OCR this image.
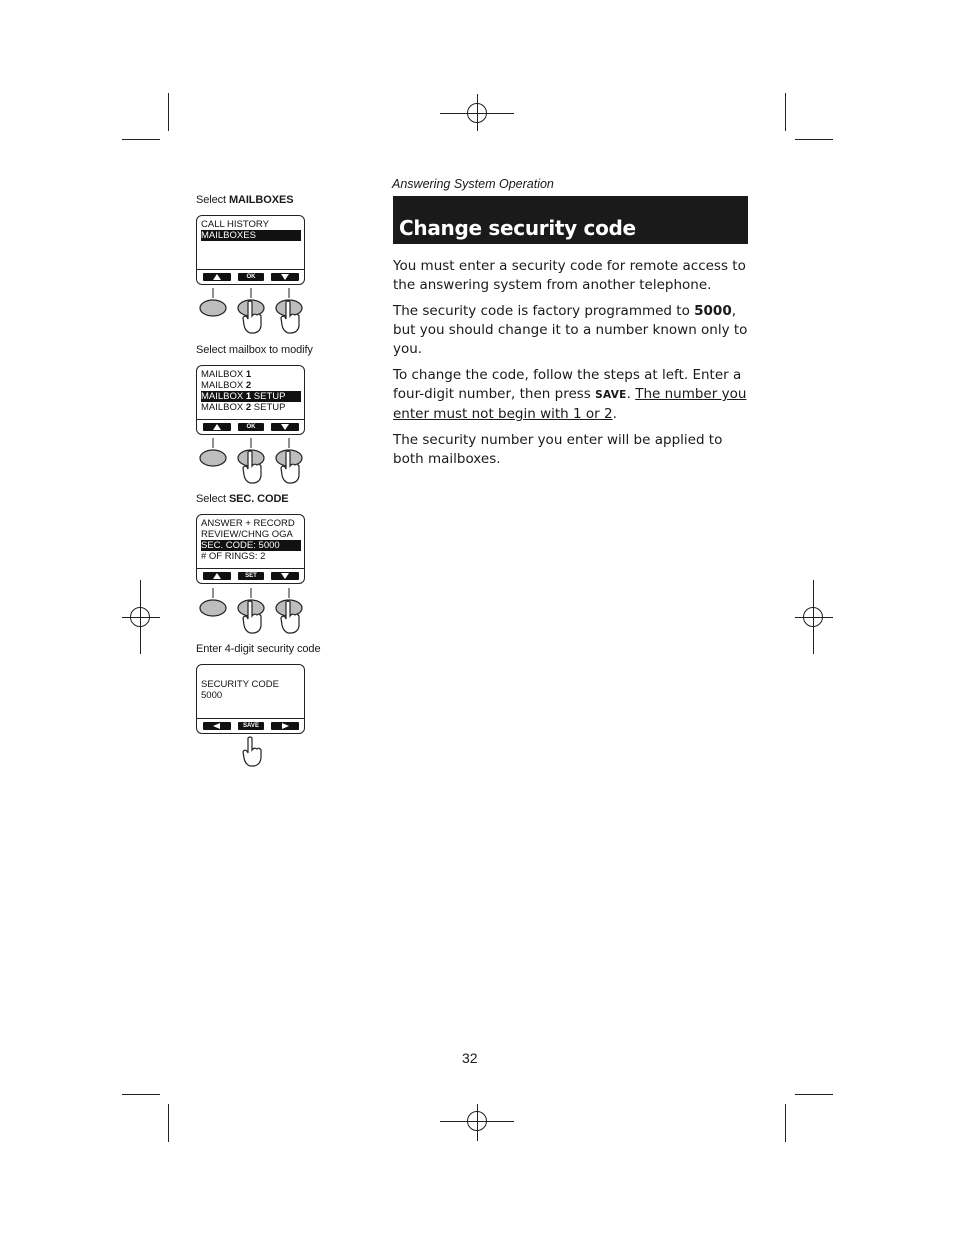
Select MAILBOXES
CALL HISTORY
MAILBOXES
OK
Select mailbox to modify
MAILBOX 1
MAILBOX 2
MAILBOX 1 SETUP
MAILBOX 2 SETUP
OK
Select SEC. CODE
ANSWER + RECORD
REVIEW/CHNG OGA
SEC. CODE: 5000
# OF RINGS: 2
SET
Enter 4-digit security code
SECURITY CODE
5000
SAVE
Answering System Operation
Change security code

You must enter a security code for remote access to the answering system from another telephone.

The security code is factory programmed to 5000, but you should change it to a number known only to you.

To change the code, follow the steps at left. Enter a four-digit number, then press SAVE. The number you enter must not begin with 1 or 2.

The security number you enter will be applied to both mailboxes.

32
